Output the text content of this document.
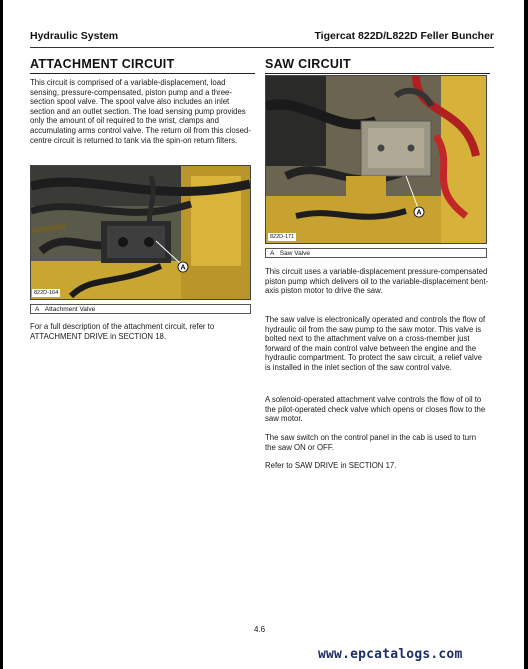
Hydraulic System	Tigercat 822D/L822D Feller Buncher
ATTACHMENT CIRCUIT

This circuit is comprised of a variable-displacement, load sensing, pressure-compensated, piston pump and a three-section spool valve. The spool valve also includes an inlet section and an outlet section. The load sensing pump provides only the amount of oil required to the wrist, clamps and accumulating arms control valve. The return oil from this closed-centre circuit is returned to tank via the spin-on return filters.

A
822D-164
A Attachment Valve

For a full description of the attachment circuit, refer to ATTACHMENT DRIVE in SECTION 18.

SAW CIRCUIT
A
822D-171
A Saw Valve

This circuit uses a variable-displacement pressure-compensated piston pump which delivers oil to the variable-displacement bent-axis piston motor to drive the saw.

The saw valve is electronically operated and controls the flow of hydraulic oil from the saw pump to the saw motor. This valve is bolted next to the attachment valve on a cross-member just forward of the main control valve between the engine and the hydraulic compartment. To protect the saw circuit, a relief valve is installed in the inlet section of the saw control valve.

A solenoid-operated attachment valve controls the flow of oil to the pilot-operated check valve which opens or closes flow to the saw motor.

The saw switch on the control panel in the cab is used to turn the saw ON or OFF.

Refer to SAW DRIVE in SECTION 17.

4.6
www.epcatalogs.com
